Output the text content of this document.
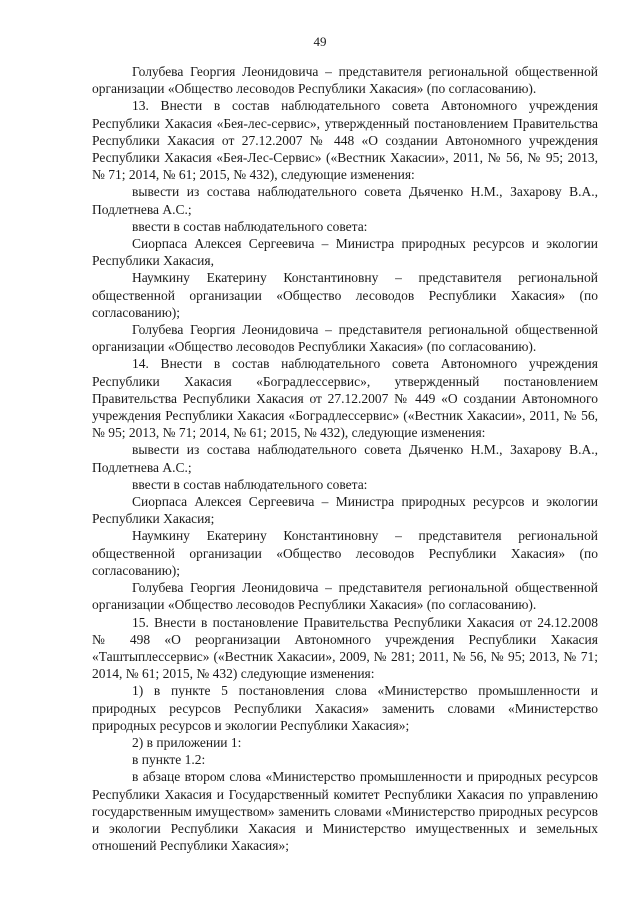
49

Голубева Георгия Леонидовича – представителя региональной общественной организации «Общество лесоводов Республики Хакасия» (по согласованию).

13. Внести в состав наблюдательного совета Автономного учреждения Республики Хакасия «Бея-лес-сервис», утвержденный постановлением Правительства Республики Хакасия от 27.12.2007 № 448 «О создании Автономного учреждения Республики Хакасия «Бея-Лес-Сервис» («Вестник Хакасии», 2011, № 56, № 95; 2013, № 71; 2014, № 61; 2015, № 432), следующие изменения:

вывести из состава наблюдательного совета Дьяченко Н.М., Захарову В.А., Подлетнева А.С.;

ввести в состав наблюдательного совета:

Сиорпаса Алексея Сергеевича – Министра природных ресурсов и экологии Республики Хакасия,

Наумкину Екатерину Константиновну – представителя региональной общественной организации «Общество лесоводов Республики Хакасия» (по согласованию);

Голубева Георгия Леонидовича – представителя региональной общественной организации «Общество лесоводов Республики Хакасия» (по согласованию).

14. Внести в состав наблюдательного совета Автономного учреждения Республики Хакасия «Боградлессервис», утвержденный постановлением Правительства Республики Хакасия от 27.12.2007 № 449 «О создании Автономного учреждения Республики Хакасия «Боградлессервис» («Вестник Хакасии», 2011, № 56, № 95; 2013, № 71; 2014, № 61; 2015, № 432), следующие изменения:

вывести из состава наблюдательного совета Дьяченко Н.М., Захарову В.А., Подлетнева А.С.;

ввести в состав наблюдательного совета:

Сиорпаса Алексея Сергеевича – Министра природных ресурсов и экологии Республики Хакасия;

Наумкину Екатерину Константиновну – представителя региональной общественной организации «Общество лесоводов Республики Хакасия» (по согласованию);

Голубева Георгия Леонидовича – представителя региональной общественной организации «Общество лесоводов Республики Хакасия» (по согласованию).

15. Внести в постановление Правительства Республики Хакасия от 24.12.2008 № 498 «О реорганизации Автономного учреждения Республики Хакасия «Таштыплессервис» («Вестник Хакасии», 2009, № 281; 2011, № 56, № 95; 2013, № 71; 2014, № 61; 2015, № 432) следующие изменения:

1) в пункте 5 постановления слова «Министерство промышленности и природных ресурсов Республики Хакасия» заменить словами «Министерство природных ресурсов и экологии Республики Хакасия»;

2) в приложении 1:

в пункте 1.2:

в абзаце втором слова «Министерство промышленности и природных ресурсов Республики Хакасия и Государственный комитет Республики Хакасия по управлению государственным имуществом» заменить словами «Министерство природных ресурсов и экологии Республики Хакасия и Министерство имущественных и земельных отношений Республики Хакасия»;
